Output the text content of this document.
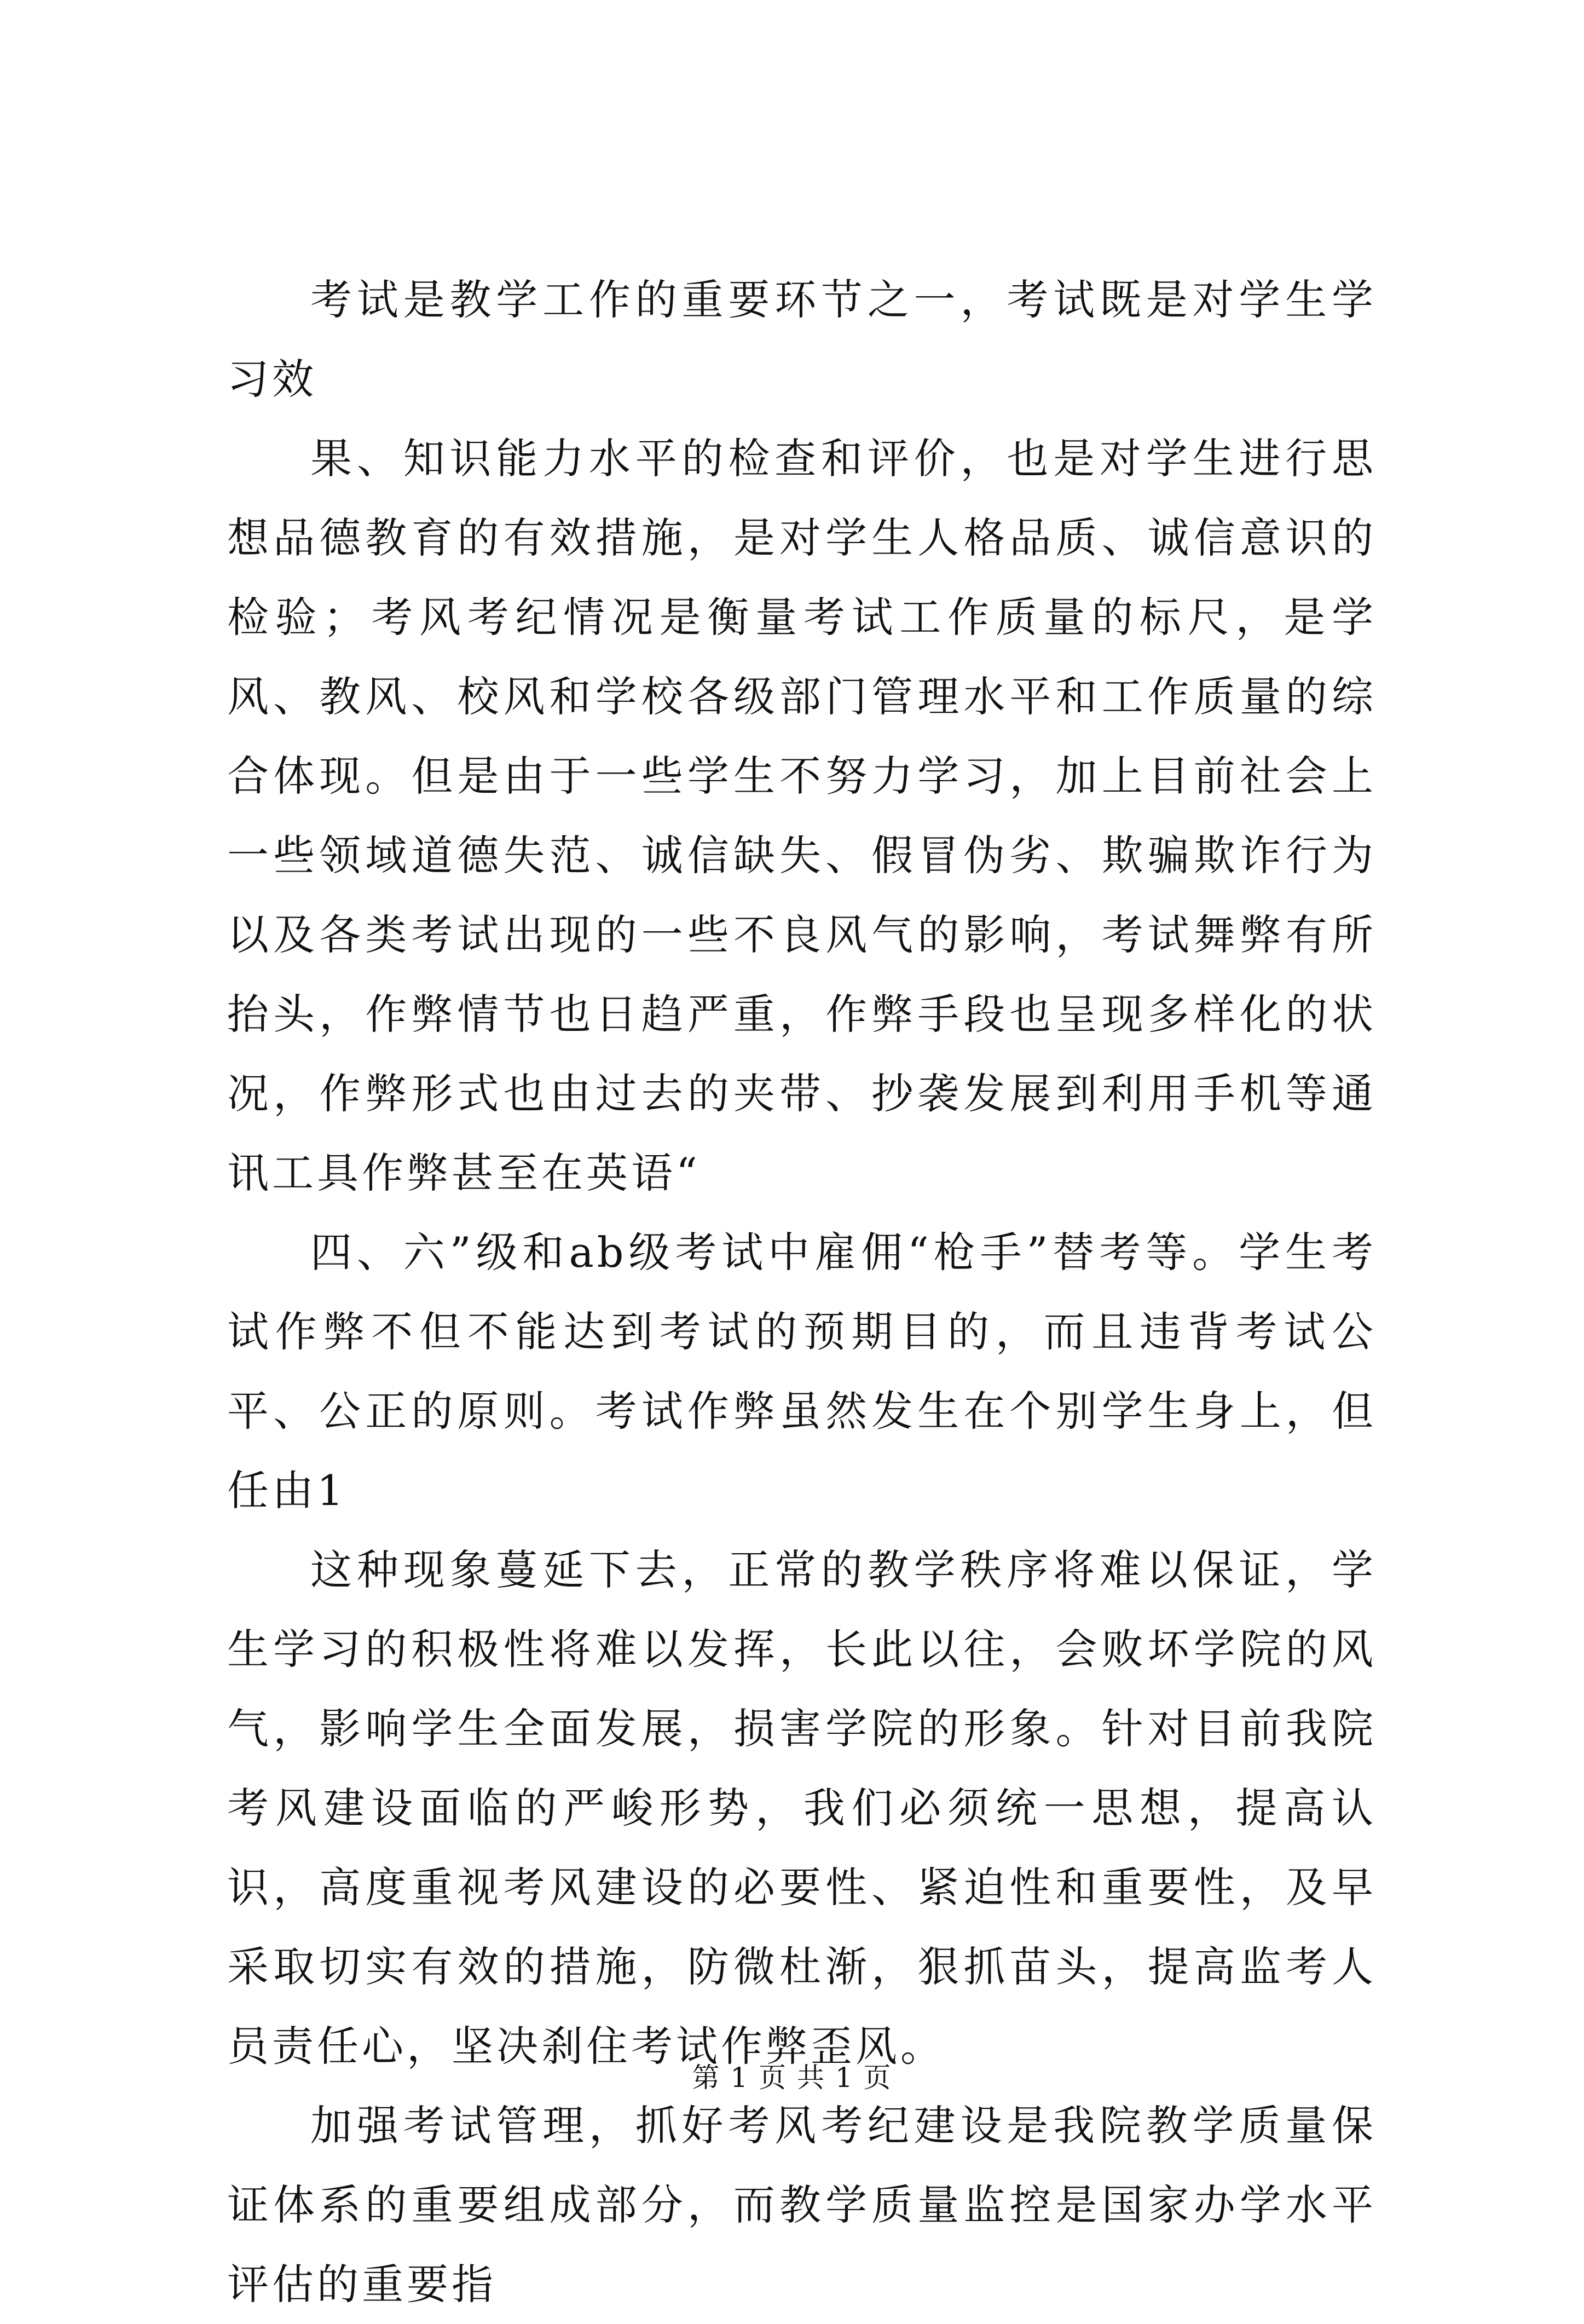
考试是教学工作的重要环节之一，考试既是对学生学习效

果、知识能力水平的检查和评价，也是对学生进行思想品德教育的有效措施，是对学生人格品质、诚信意识的检验；考风考纪情况是衡量考试工作质量的标尺，是学风、教风、校风和学校各级部门管理水平和工作质量的综合体现。但是由于一些学生不努力学习，加上目前社会上一些领域道德失范、诚信缺失、假冒伪劣、欺骗欺诈行为以及各类考试出现的一些不良风气的影响，考试舞弊有所抬头，作弊情节也日趋严重，作弊手段也呈现多样化的状况，作弊形式也由过去的夹带、抄袭发展到利用手机等通讯工具作弊甚至在英语“

四、六”级和ab级考试中雇佣“枪手”替考等。学生考试作弊不但不能达到考试的预期目的，而且违背考试公平、公正的原则。考试作弊虽然发生在个别学生身上，但任由1

这种现象蔓延下去，正常的教学秩序将难以保证，学生学习的积极性将难以发挥，长此以往，会败坏学院的风气，影响学生全面发展，损害学院的形象。针对目前我院考风建设面临的严峻形势，我们必须统一思想，提高认识，高度重视考风建设的必要性、紧迫性和重要性，及早采取切实有效的措施，防微杜渐，狠抓苗头，提高监考人员责任心，坚决刹住考试作弊歪风。

加强考试管理，抓好考风考纪建设是我院教学质量保证体系的重要组成部分，而教学质量监控是国家办学水平评估的重要指

第 1 页 共 1 页
